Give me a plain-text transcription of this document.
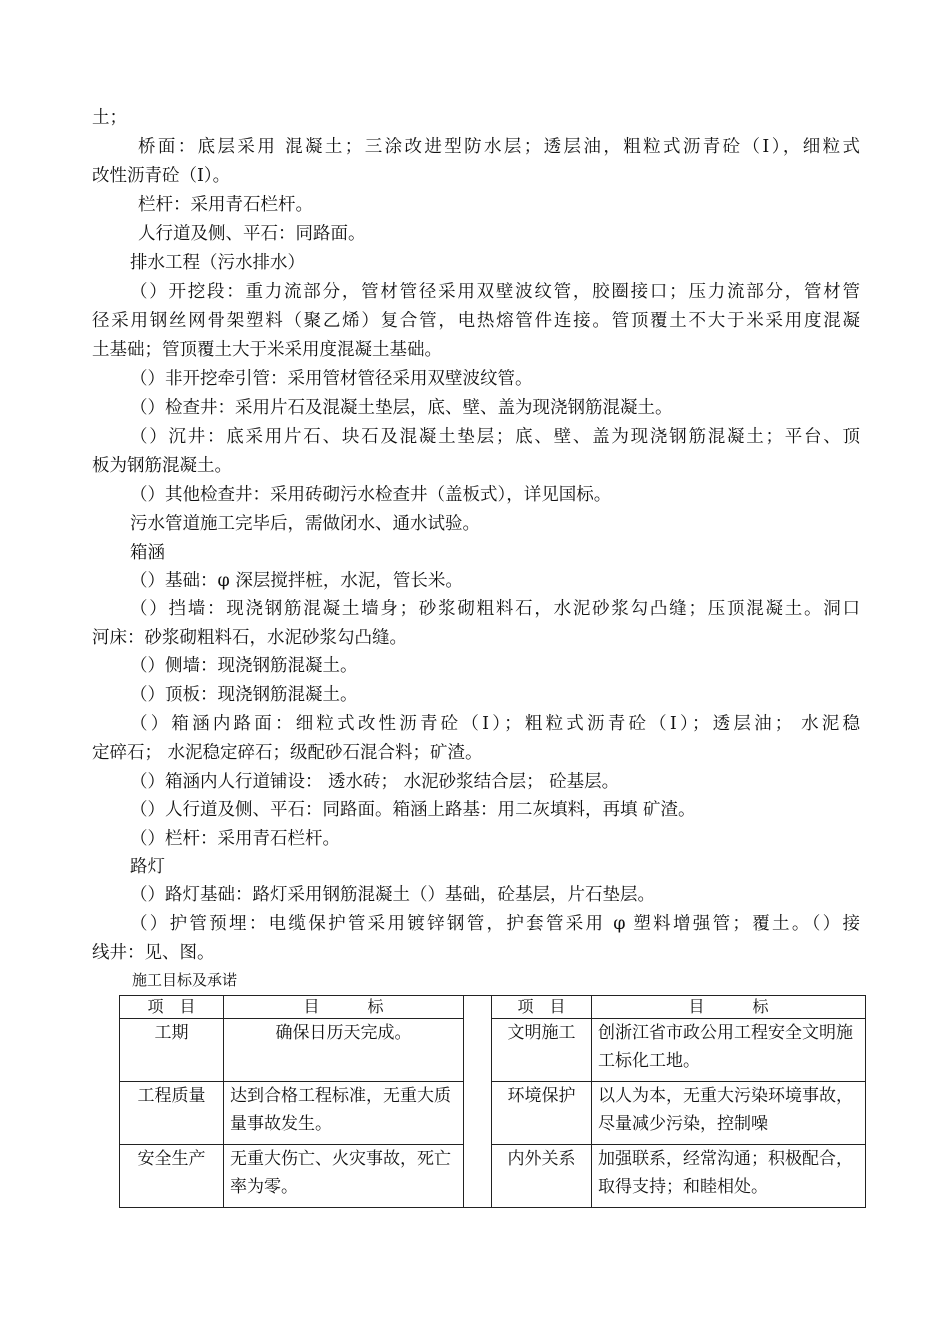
土；
桥面：底层采用 混凝土；三涂改进型防水层；透层油，粗粒式沥青砼（Ⅰ），细粒式
改性沥青砼（Ⅰ）。
栏杆：采用青石栏杆。
人行道及侧、平石：同路面。
排水工程（污水排水）
（）开挖段：重力流部分，管材管径采用双壁波纹管，胶圈接口；压力流部分，管材管
径采用钢丝网骨架塑料（聚乙烯）复合管，电热熔管件连接。管顶覆土不大于米采用度混凝
土基础；管顶覆土大于米采用度混凝土基础。
（）非开挖牵引管：采用管材管径采用双壁波纹管。
（）检查井：采用片石及混凝土垫层，底、壁、盖为现浇钢筋混凝土。
（）沉井：底采用片石、块石及混凝土垫层；底、壁、盖为现浇钢筋混凝土；平台、顶
板为钢筋混凝土。
（）其他检查井：采用砖砌污水检查井（盖板式），详见国标。
污水管道施工完毕后，需做闭水、通水试验。
箱涵
（）基础：φ 深层搅拌桩，水泥，管长米。
（）挡墙：现浇钢筋混凝土墙身；砂浆砌粗料石，水泥砂浆勾凸缝；压顶混凝土。洞口
河床：砂浆砌粗料石，水泥砂浆勾凸缝。
（）侧墙：现浇钢筋混凝土。
（）顶板：现浇钢筋混凝土。
（）箱涵内路面：细粒式改性沥青砼（Ⅰ）；粗粒式沥青砼（Ⅰ）；透层油； 水泥稳
定碎石； 水泥稳定碎石；级配砂石混合料；矿渣。
（）箱涵内人行道铺设： 透水砖； 水泥砂浆结合层； 砼基层。
（）人行道及侧、平石：同路面。箱涵上路基：用二灰填料，再填 矿渣。
（）栏杆：采用青石栏杆。
路灯
（）路灯基础：路灯采用钢筋混凝土（）基础，砼基层，片石垫层。
（）护管预埋：电缆保护管采用镀锌钢管，护套管采用 φ 塑料增强管；覆土。（）接
线井：见、图。
施工目标及承诺
项　目	目　　　标		项　目	目　　　标
工期	确保日历天完成。		文明施工	创浙江省市政公用工程安全文明施工标化工地。
工程质量	达到合格工程标准，无重大质量事故发生。		环境保护	以人为本，无重大污染环境事故，尽量减少污染，控制噪
安全生产	无重大伤亡、火灾事故，死亡率为零。		内外关系	加强联系，经常沟通；积极配合，取得支持；和睦相处。
